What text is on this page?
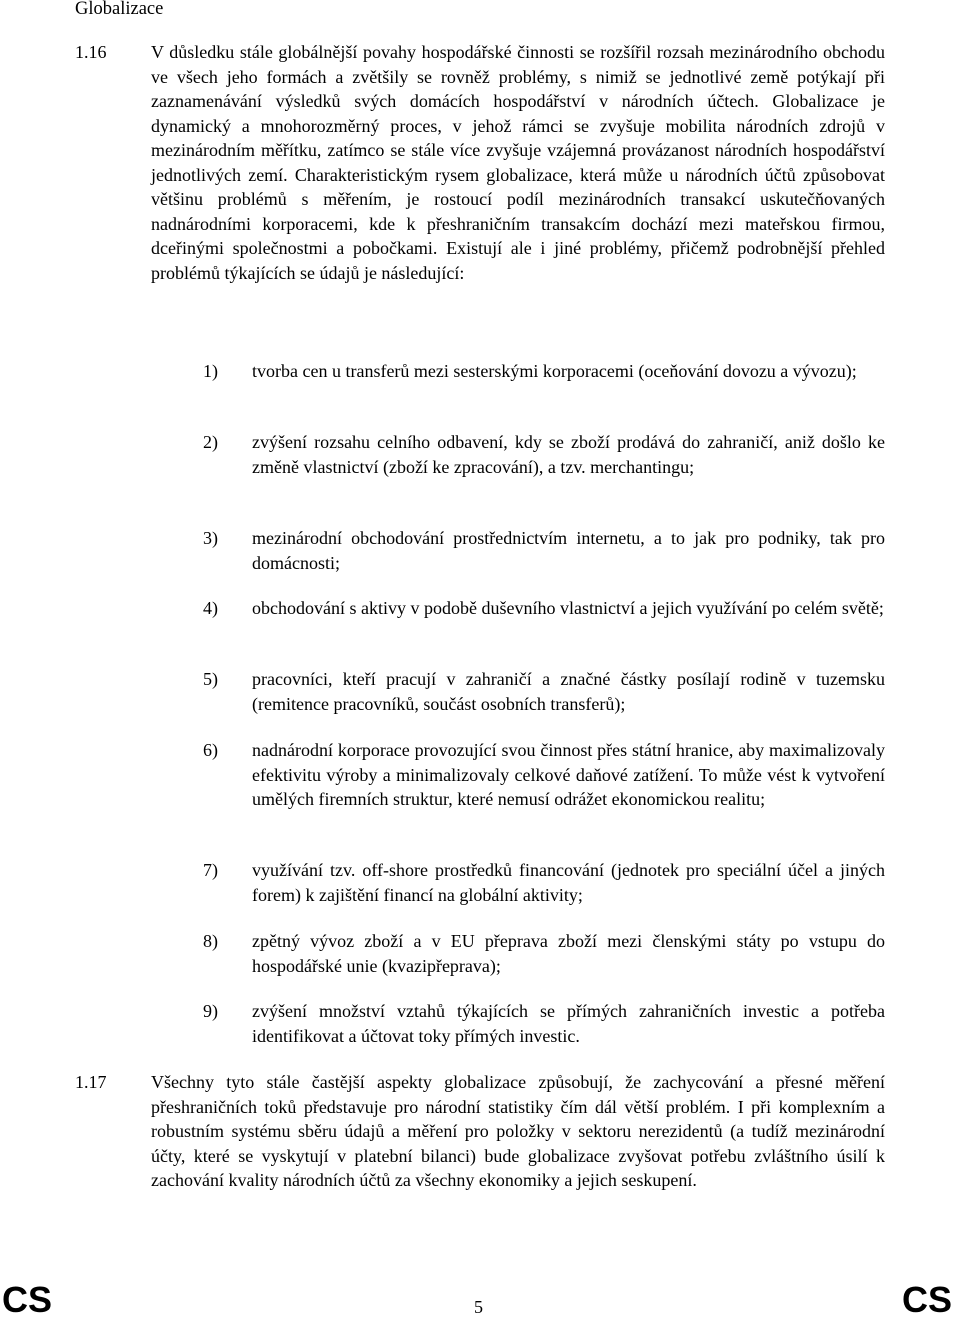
Globalizace
1.16 V důsledku stále globálnější povahy hospodářské činnosti se rozšířil rozsah mezinárodního obchodu ve všech jeho formách a zvětšily se rovněž problémy, s nimiž se jednotlivé země potýkají při zaznamenávání výsledků svých domácích hospodářství v národních účtech. Globalizace je dynamický a mnohorozměrný proces, v jehož rámci se zvyšuje mobilita národních zdrojů v mezinárodním měřítku, zatímco se stále více zvyšuje vzájemná provázanost národních hospodářství jednotlivých zemí. Charakteristickým rysem globalizace, která může u národních účtů způsobovat většinu problémů s měřením, je rostoucí podíl mezinárodních transakcí uskutečňovaných nadnárodními korporacemi, kde k přeshraničním transakcím dochází mezi mateřskou firmou, dceřinými společnostmi a pobočkami. Existují ale i jiné problémy, přičemž podrobnější přehled problémů týkajících se údajů je následující:
1) tvorba cen u transferů mezi sesterskými korporacemi (oceňování dovozu a vývozu);
2) zvýšení rozsahu celního odbavení, kdy se zboží prodává do zahraničí, aniž došlo ke změně vlastnictví (zboží ke zpracování), a tzv. merchantingu;
3) mezinárodní obchodování prostřednictvím internetu, a to jak pro podniky, tak pro domácnosti;
4) obchodování s aktivy v podobě duševního vlastnictví a jejich využívání po celém světě;
5) pracovníci, kteří pracují v zahraničí a značné částky posílají rodině v tuzemsku (remitence pracovníků, součást osobních transferů);
6) nadnárodní korporace provozující svou činnost přes státní hranice, aby maximalizovaly efektivitu výroby a minimalizovaly celkové daňové zatížení. To může vést k vytvoření umělých firemních struktur, které nemusí odrážet ekonomickou realitu;
7) využívání tzv. off-shore prostředků financování (jednotek pro speciální účel a jiných forem) k zajištění financí na globální aktivity;
8) zpětný vývoz zboží a v EU přeprava zboží mezi členskými státy po vstupu do hospodářské unie (kvazipřeprava);
9) zvýšení množství vztahů týkajících se přímých zahraničních investic a potřeba identifikovat a účtovat toky přímých investic.
1.17 Všechny tyto stále častější aspekty globalizace způsobují, že zachycování a přesné měření přeshraničních toků představuje pro národní statistiky čím dál větší problém. I při komplexním a robustním systému sběru údajů a měření pro položky v sektoru nerezidentů (a tudíž mezinárodní účty, které se vyskytují v platební bilanci) bude globalizace zvyšovat potřebu zvláštního úsilí k zachování kvality národních účtů za všechny ekonomiky a jejich seskupení.
CS	5	CS
